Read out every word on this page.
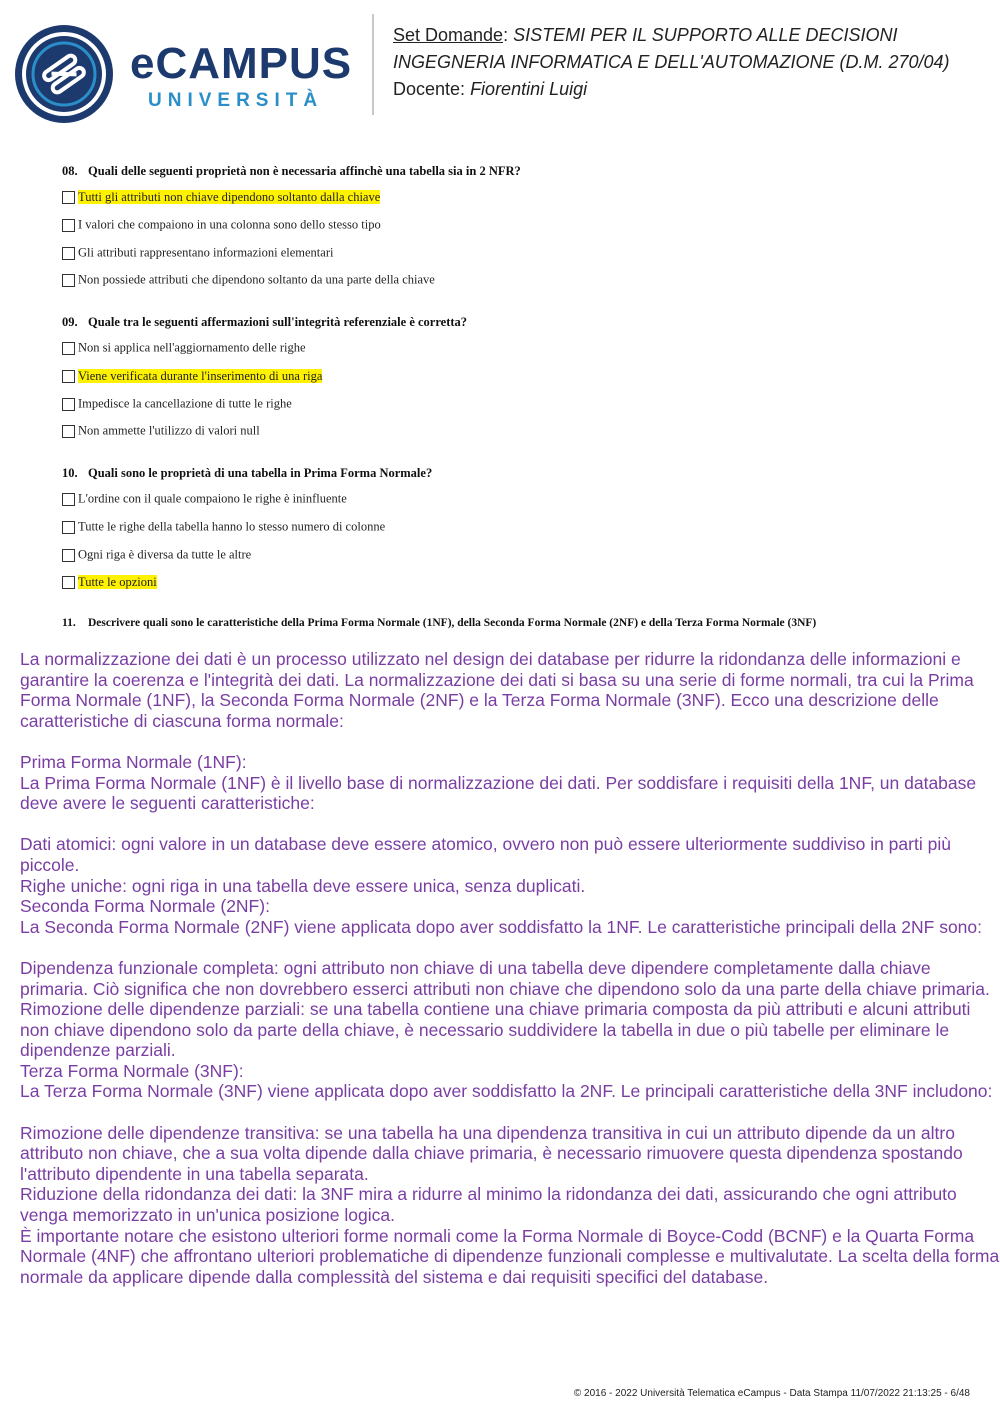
eCAMPUS
UNIVERSITÀ
Set Domande: SISTEMI PER IL SUPPORTO ALLE DECISIONI
INGEGNERIA INFORMATICA E DELL'AUTOMAZIONE (D.M. 270/04)
Docente: Fiorentini Luigi
08. Quali delle seguenti proprietà non è necessaria affinchè una tabella sia in 2 NFR?
Tutti gli attributi non chiave dipendono soltanto dalla chiave
I valori che compaiono in una colonna sono dello stesso tipo
Gli attributi rappresentano informazioni elementari
Non possiede attributi che dipendono soltanto da una parte della chiave
09. Quale tra le seguenti affermazioni sull'integrità referenziale è corretta?
Non si applica nell'aggiornamento delle righe
Viene verificata durante l'inserimento di una riga
Impedisce la cancellazione di tutte le righe
Non ammette l'utilizzo di valori null
10. Quali sono le proprietà di una tabella in Prima Forma Normale?
L'ordine con il quale compaiono le righe è ininfluente
Tutte le righe della tabella hanno lo stesso numero di colonne
Ogni riga è diversa da tutte le altre
Tutte le opzioni
11. Descrivere quali sono le caratteristiche della Prima Forma Normale (1NF), della Seconda Forma Normale (2NF) e della Terza Forma Normale (3NF)

La normalizzazione dei dati è un processo utilizzato nel design dei database per ridurre la ridondanza delle informazioni e garantire la coerenza e l'integrità dei dati. La normalizzazione dei dati si basa su una serie di forme normali, tra cui la Prima Forma Normale (1NF), la Seconda Forma Normale (2NF) e la Terza Forma Normale (3NF). Ecco una descrizione delle caratteristiche di ciascuna forma normale:

Prima Forma Normale (1NF):

La Prima Forma Normale (1NF) è il livello base di normalizzazione dei dati. Per soddisfare i requisiti della 1NF, un database deve avere le seguenti caratteristiche:

Dati atomici: ogni valore in un database deve essere atomico, ovvero non può essere ulteriormente suddiviso in parti più piccole.

Righe uniche: ogni riga in una tabella deve essere unica, senza duplicati.

Seconda Forma Normale (2NF):

La Seconda Forma Normale (2NF) viene applicata dopo aver soddisfatto la 1NF. Le caratteristiche principali della 2NF sono:

Dipendenza funzionale completa: ogni attributo non chiave di una tabella deve dipendere completamente dalla chiave primaria. Ciò significa che non dovrebbero esserci attributi non chiave che dipendono solo da una parte della chiave primaria.

Rimozione delle dipendenze parziali: se una tabella contiene una chiave primaria composta da più attributi e alcuni attributi non chiave dipendono solo da parte della chiave, è necessario suddividere la tabella in due o più tabelle per eliminare le dipendenze parziali.

Terza Forma Normale (3NF):

La Terza Forma Normale (3NF) viene applicata dopo aver soddisfatto la 2NF. Le principali caratteristiche della 3NF includono:

Rimozione delle dipendenze transitiva: se una tabella ha una dipendenza transitiva in cui un attributo dipende da un altro attributo non chiave, che a sua volta dipende dalla chiave primaria, è necessario rimuovere questa dipendenza spostando l'attributo dipendente in una tabella separata.

Riduzione della ridondanza dei dati: la 3NF mira a ridurre al minimo la ridondanza dei dati, assicurando che ogni attributo venga memorizzato in un'unica posizione logica.

È importante notare che esistono ulteriori forme normali come la Forma Normale di Boyce-Codd (BCNF) e la Quarta Forma Normale (4NF) che affrontano ulteriori problematiche di dipendenze funzionali complesse e multivalutate. La scelta della forma normale da applicare dipende dalla complessità del sistema e dai requisiti specifici del database.

© 2016 - 2022 Università Telematica eCampus - Data Stampa 11/07/2022 21:13:25 - 6/48
